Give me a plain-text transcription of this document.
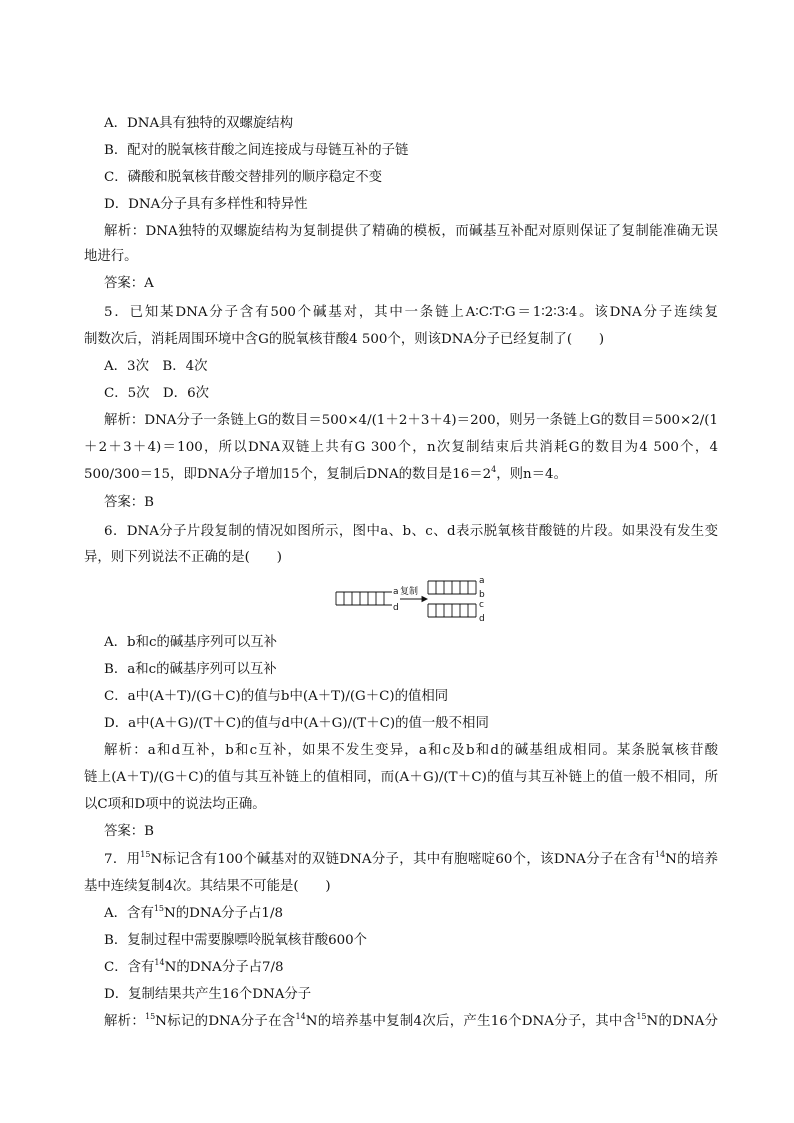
A．DNA具有独特的双螺旋结构
B．配对的脱氧核苷酸之间连接成与母链互补的子链
C．磷酸和脱氧核苷酸交替排列的顺序稳定不变
D．DNA分子具有多样性和特异性
解析：DNA独特的双螺旋结构为复制提供了精确的模板，而碱基互补配对原则保证了复制能准确无误
地进行。
答案：A
5．已知某DNA分子含有500个碱基对，其中一条链上A∶C∶T∶G＝1∶2∶3∶4。该DNA分子连续复
制数次后，消耗周围环境中含G的脱氧核苷酸4 500个，则该DNA分子已经复制了(　　)
A．3次　B．4次
C．5次　D．6次
解析：DNA分子一条链上G的数目＝500×4/(1＋2＋3＋4)＝200，则另一条链上G的数目＝500×2/(1
＋2＋3＋4)＝100，所以DNA双链上共有G 300个，n次复制结束后共消耗G的数目为4 500个，4
500/300＝15，即DNA分子增加15个，复制后DNA的数目是$16=2^4$，则n＝4。
答案：B
6．DNA分子片段复制的情况如图所示，图中a、b、c、d表示脱氧核苷酸链的片段。如果没有发生变
异，则下列说法不正确的是(　　)
a
d
复制
a
b
c
d
A．b和c的碱基序列可以互补
B．a和c的碱基序列可以互补
C．a中(A＋T)/(G＋C)的值与b中(A＋T)/(G＋C)的值相同
D．a中(A＋G)/(T＋C)的值与d中(A＋G)/(T＋C)的值一般不相同
解析：a和d互补，b和c互补，如果不发生变异，a和c及b和d的碱基组成相同。某条脱氧核苷酸
链上(A＋T)/(G＋C)的值与其互补链上的值相同，而(A＋G)/(T＋C)的值与其互补链上的值一般不相同，所
以C项和D项中的说法均正确。
答案：B
7．用$^{15}$N标记含有100个碱基对的双链DNA分子，其中有胞嘧啶60个，该DNA分子在含有$^{14}$N的培养
基中连续复制4次。其结果不可能是(　　)
A．含有$^{15}$N的DNA分子占1/8
B．复制过程中需要腺嘌呤脱氧核苷酸600个
C．含有$^{14}$N的DNA分子占7/8
D．复制结果共产生16个DNA分子
解析：$^{15}$N标记的DNA分子在含$^{14}$N的培养基中复制4次后，产生16个DNA分子，其中含$^{15}$N的DNA分
